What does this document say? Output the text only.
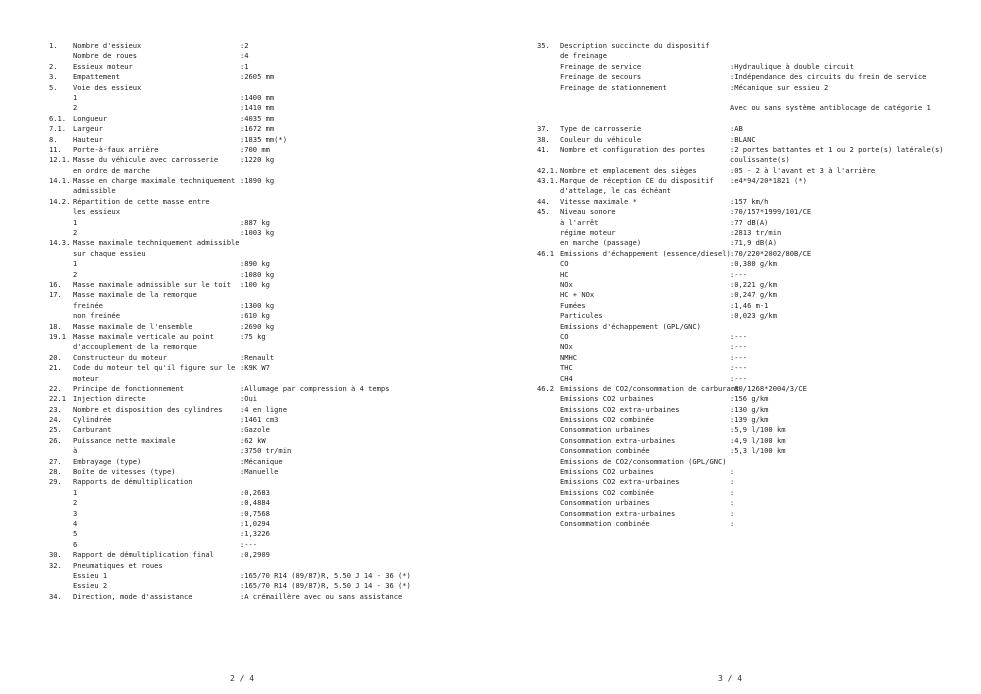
1. Nombre d'essieux	:2
Nombre de roues	:4
2. Essieux moteur	:1
3. Empattement	:2605 mm
5. Voie des essieux
1	:1400 mm
2	:1410 mm
6.1. Longueur	:4035 mm
7.1. Largeur	:1672 mm
8. Hauteur	:1835 mm(*)
11. Porte-à-faux arrière	:700 mm
12.1. Masse du véhicule avec carrosserie	:1220 kg
en ordre de marche
14.1. Masse en charge maximale techniquement :1890 kg
admissible
14.2. Répartition de cette masse entre
les essieux
1	:887 kg
2	:1003 kg
14.3. Masse maximale techniquement admissible
sur chaque essieu
1	:890 kg
2	:1080 kg
16. Masse maximale admissible sur le toit :100 kg
17. Masse maximale de la remorque
freinée	:1300 kg
non freinée	:610 kg
18. Masse maximale de l'ensemble	:2690 kg
19.1 Masse maximale verticale au point	:75 kg
d'accouplement de la remorque
20. Constructeur du moteur	:Renault
21. Code du moteur tel qu'il figure sur le :K9K W7
moteur
22. Principe de fonctionnement	:Allumage par compression à 4 temps
22.1 Injection directe	:Oui
23. Nombre et disposition des cylindres :4 en ligne
24. Cylindrée	:1461 cm3
25. Carburant	:Gazole
26. Puissance nette maximale	:62 kW
à	:3750 tr/min
27. Embrayage (type)	:Mécanique
28. Boîte de vitesses (type)	:Manuelle
29. Rapports de démultiplication
1	:0,2683
2	:0,4884
3	:0,7568
4	:1,0294
5	:1,3226
6	:---
30. Rapport de démultiplication final	:0,2909
32. Pneumatiques et roues
Essieu 1	:165/70 R14 (89/87)R, 5.50 J 14 - 36 (*)
Essieu 2	:165/70 R14 (89/87)R, 5.50 J 14 - 36 (*)
34. Direction, mode d'assistance	:A crémaillère avec ou sans assistance
2 / 4
35. Description succincte du dispositif
de freinage
Freinage de service	:Hydraulique à double circuit
Freinage de secours	:Indépendance des circuits du frein de service
Freinage de stationnement	:Mécanique sur essieu 2
Avec ou sans système antiblocage de catégorie 1
37. Type de carrosserie	:AB
38. Couleur du véhicule	:BLANC
41. Nombre et configuration des portes	:2 portes battantes et 1 ou 2 porte(s) latérale(s)
coulissante(s)
42.1. Nombre et emplacement des sièges	:05 - 2 à l'avant et 3 à l'arrière
43.1. Marque de réception CE du dispositif :e4*94/20*1821 (*)
d'attelage, le cas échéant
44. Vitesse maximale *	:157 km/h
45. Niveau sonore	:70/157*1999/101/CE
à l'arrêt	:77 dB(A)
régime moteur	:2813 tr/min
en marche (passage)	:71,9 dB(A)
46.1 Emissions d'échappement (essence/diesel) :70/220*2002/80B/CE
CO	:0,380 g/km
HC	:---
NOx	:0,221 g/km
HC + NOx	:0,247 g/km
Fumées	:1,46 m-1
Particules	:0,023 g/km
Emissions d'échappement (GPL/GNC)
CO	:---
NOx	:---
NMHC	:---
THC	:---
CH4	:---
46.2 Emissions de CO2/consommation de carburant
:80/1268*2004/3/CE
Emissions CO2 urbaines	:156 g/km
Emissions CO2 extra-urbaines	:130 g/km
Emissions CO2 combinée	:139 g/km
Consommation urbaines	:5,9 l/100 km
Consommation extra-urbaines	:4,9 l/100 km
Consommation combinée	:5,3 l/100 km
Emissions de CO2/consommation (GPL/GNC)
Emissions CO2 urbaines	:
Emissions CO2 extra-urbaines	:
Emissions CO2 combinée	:
Consommation urbaines	:
Consommation extra-urbaines	:
Consommation combinée	:
3 / 4
